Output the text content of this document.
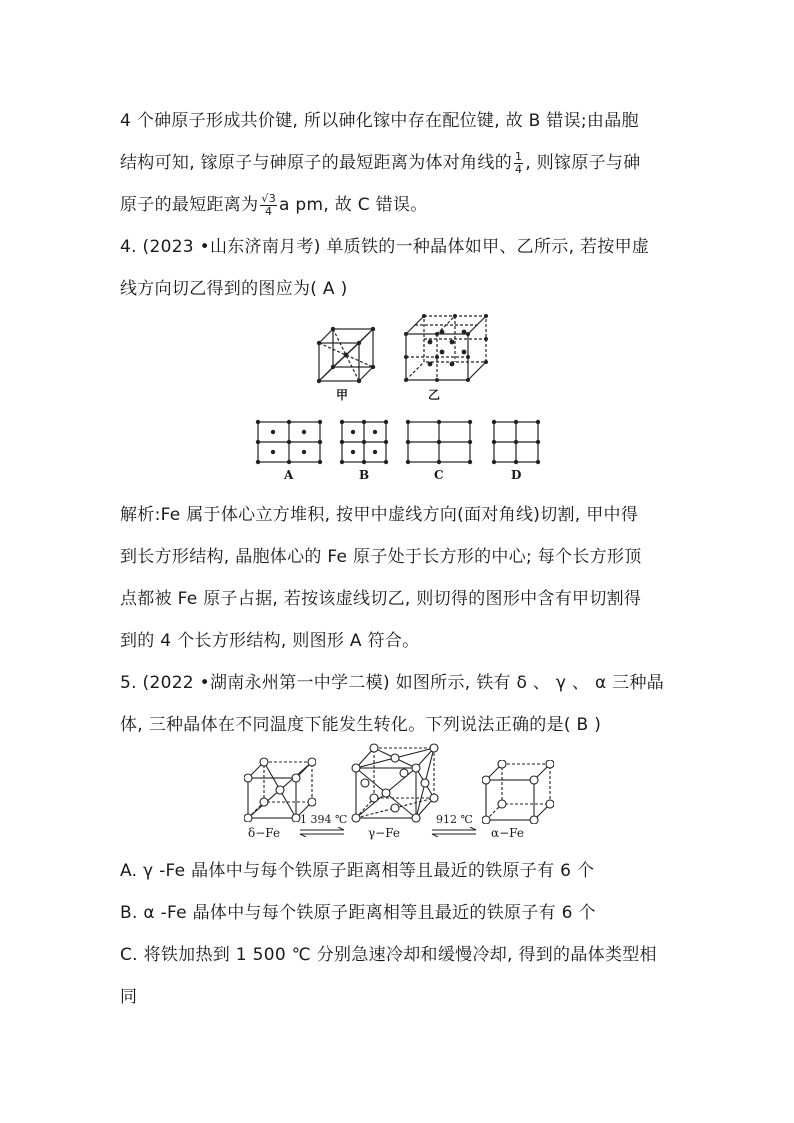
4 个砷原子形成共价键, 所以砷化镓中存在配位键, 故 B 错误;由晶胞
结构可知, 镓原子与砷原子的最短距离为体对角线的 $\frac{1}{4}$ , 则镓原子与砷
原子的最短距离为 $\frac{√3}{4}$ a pm, 故 C 错误。
4. (2023 •山东济南月考) 单质铁的一种晶体如甲、乙所示, 若按甲虚
线方向切乙得到的图应为( A )
甲	乙
A	B	C	D
解析:Fe 属于体心立方堆积, 按甲中虚线方向(面对角线)切割, 甲中得
到长方形结构, 晶胞体心的 Fe 原子处于长方形的中心; 每个长方形顶
点都被 Fe 原子占据, 若按该虚线切乙, 则切得的图形中含有甲切割得
到的 4 个长方形结构, 则图形 A 符合。
5. (2022 •湖南永州第一中学二模) 如图所示, 铁有 δ 、 γ 、 α 三种晶
体, 三种晶体在不同温度下能发生转化。下列说法正确的是( B )
δ−Fe
1 394 ℃
⇌ γ−Fe
912 ℃
⇌ α−Fe
A. γ -Fe 晶体中与每个铁原子距离相等且最近的铁原子有 6 个
B. α -Fe 晶体中与每个铁原子距离相等且最近的铁原子有 6 个
C. 将铁加热到 1 500 ℃ 分别急速冷却和缓慢冷却, 得到的晶体类型相
同
